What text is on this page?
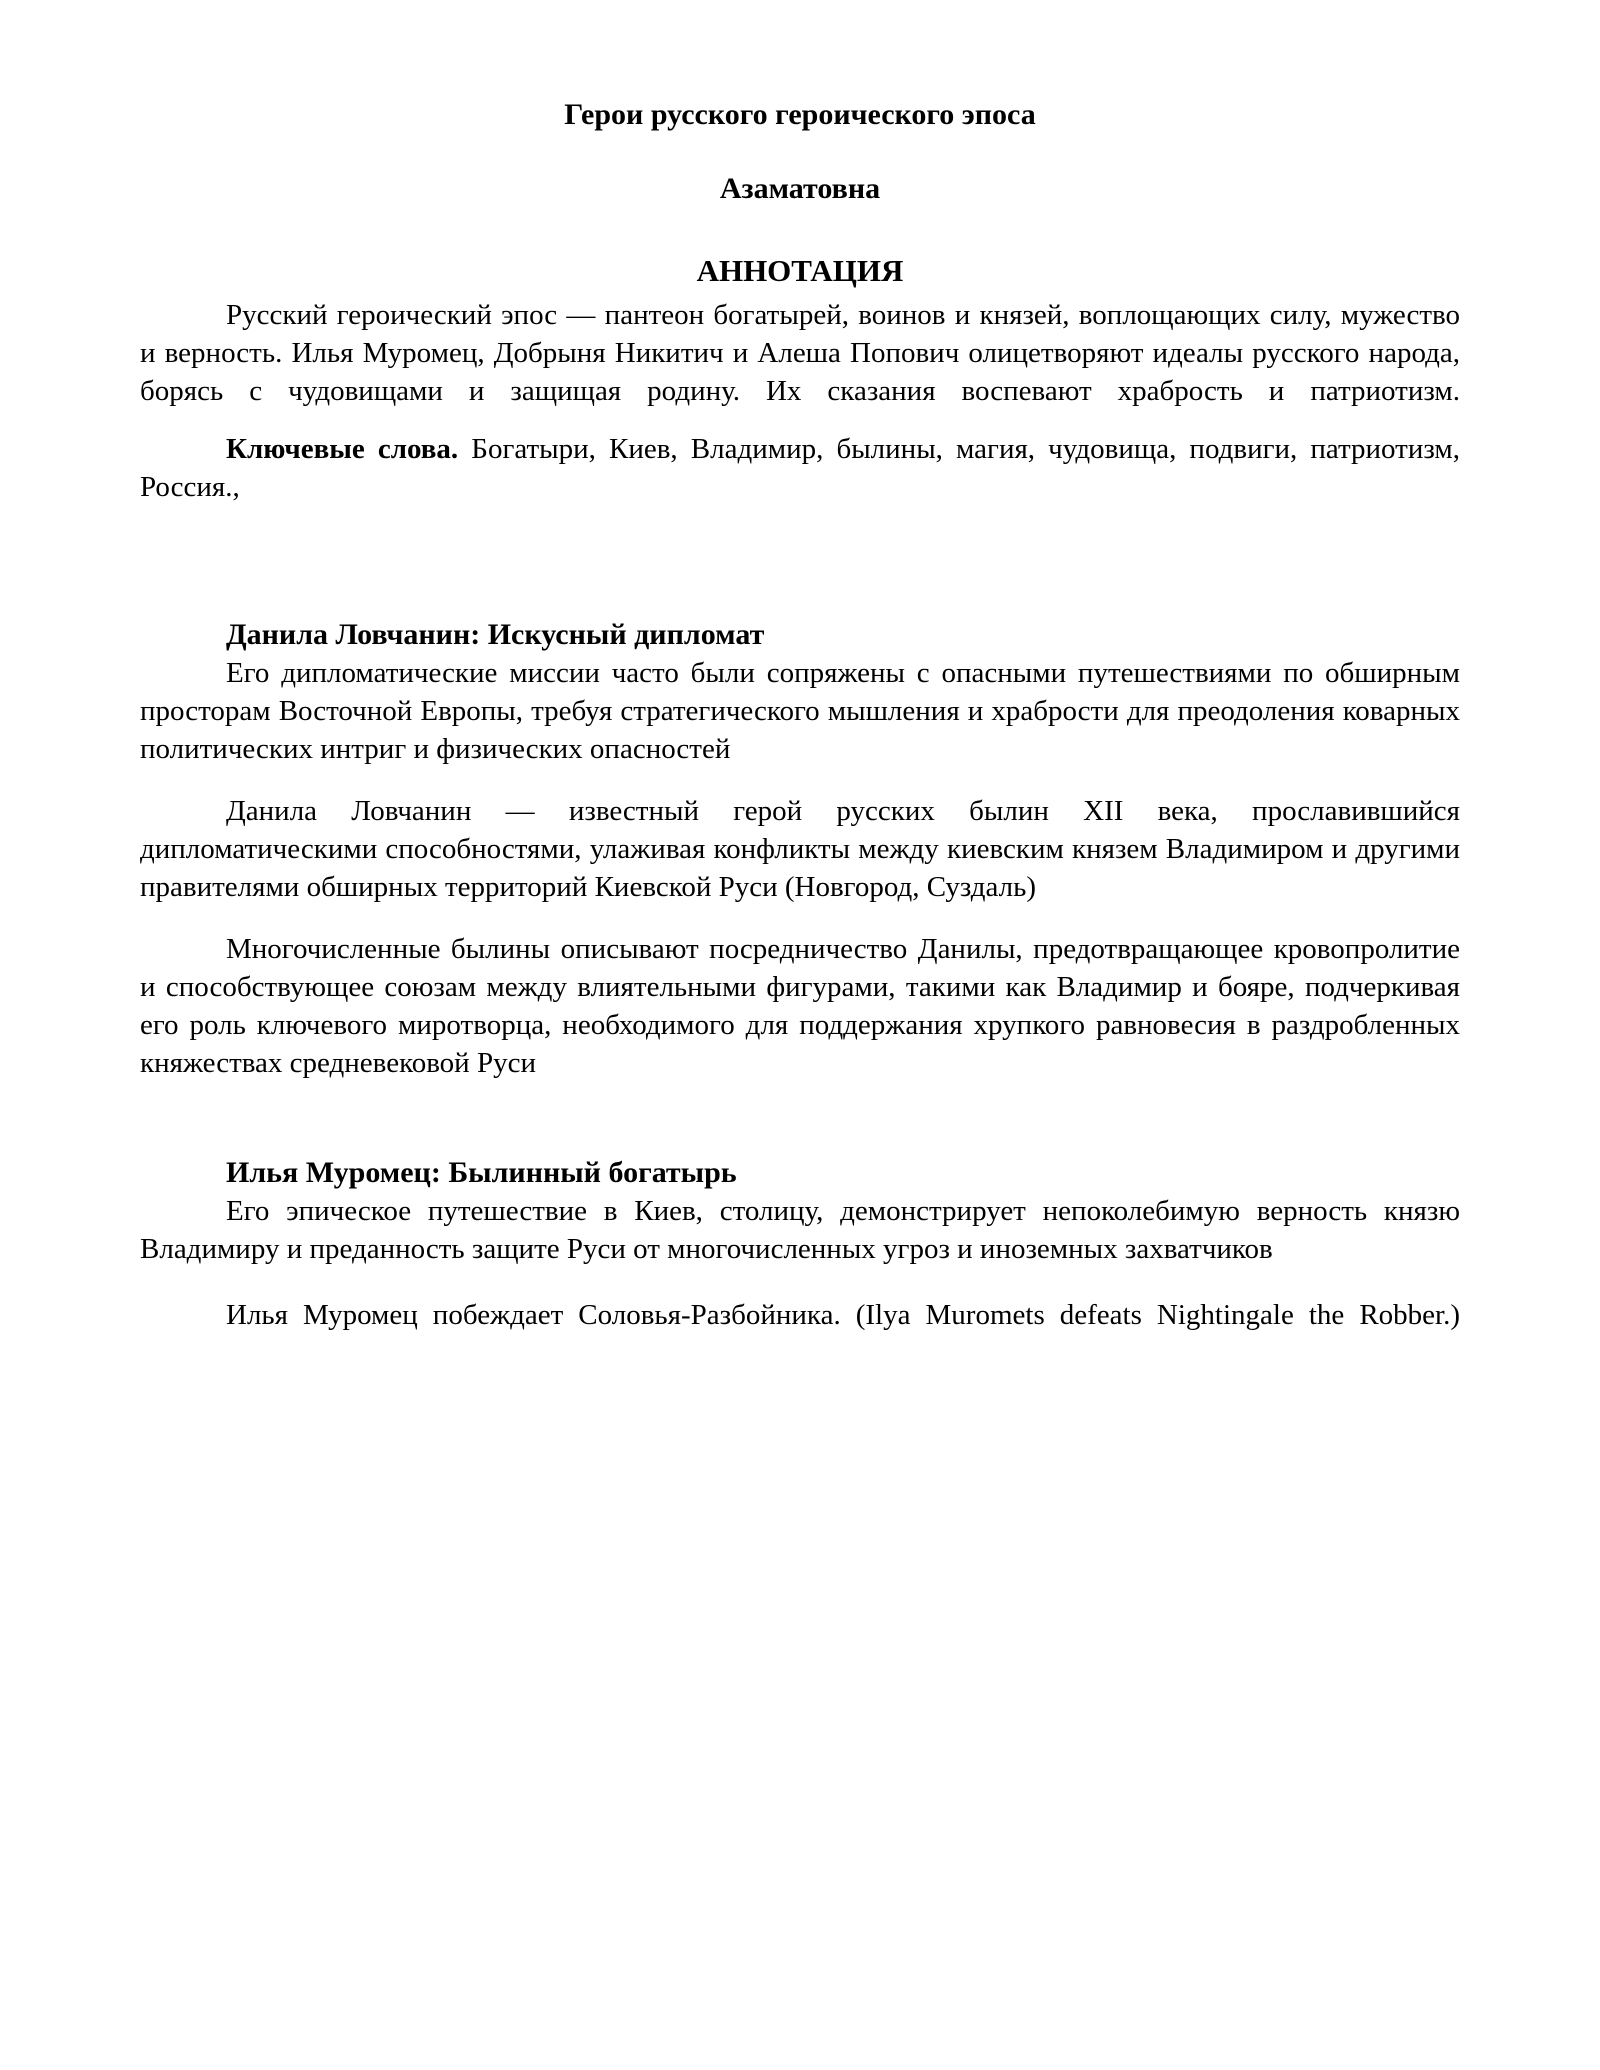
Герои русского героического эпоса

Азаматовна

АННОТАЦИЯ

Русский героический эпос — пантеон богатырей, воинов и князей, воплощающих силу, мужество и верность. Илья Муромец, Добрыня Никитич и Алеша Попович олицетворяют идеалы русского народа, борясь с чудовищами и защищая родину. Их сказания воспевают храбрость и патриотизм.

Ключевые слова. Богатыри, Киев, Владимир, былины, магия, чудовища, подвиги, патриотизм, Россия.,

Данила Ловчанин: Искусный дипломат

Его дипломатические миссии часто были сопряжены с опасными путешествиями по обширным просторам Восточной Европы, требуя стратегического мышления и храбрости для преодоления коварных политических интриг и физических опасностей

Данила Ловчанин — известный герой русских былин XII века, прославившийся дипломатическими способностями, улаживая конфликты между киевским князем Владимиром и другими правителями обширных территорий Киевской Руси (Новгород, Суздаль)

Многочисленные былины описывают посредничество Данилы, предотвращающее кровопролитие и способствующее союзам между влиятельными фигурами, такими как Владимир и бояре, подчеркивая его роль ключевого миротворца, необходимого для поддержания хрупкого равновесия в раздробленных княжествах средневековой Руси

Илья Муромец: Былинный богатырь

Его эпическое путешествие в Киев, столицу, демонстрирует непоколебимую верность князю Владимиру и преданность защите Руси от многочисленных угроз и иноземных захватчиков

Илья Муромец побеждает Соловья-Разбойника. (Ilya Muromets defeats Nightingale the Robber.)
